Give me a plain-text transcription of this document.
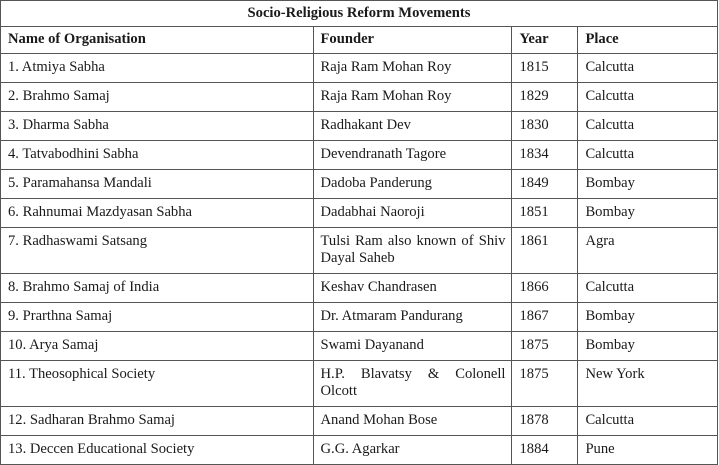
Socio-Religious Reform Movements			
Name of Organisation	Founder	Year	Place
1. Atmiya Sabha	Raja Ram Mohan Roy	1815	Calcutta
2. Brahmo Samaj	Raja Ram Mohan Roy	1829	Calcutta
3. Dharma Sabha	Radhakant Dev	1830	Calcutta
4. Tatvabodhini Sabha	Devendranath Tagore	1834	Calcutta
5. Paramahansa Mandali	Dadoba Panderung	1849	Bombay
6. Rahnumai Mazdyasan Sabha	Dadabhai Naoroji	1851	Bombay
7. Radhaswami Satsang	Tulsi Ram also known of Shiv Dayal Saheb	1861	Agra
8. Brahmo Samaj of India	Keshav Chandrasen	1866	Calcutta
9. Prarthna Samaj	Dr. Atmaram Pandurang	1867	Bombay
10. Arya Samaj	Swami Dayanand	1875	Bombay
11. Theosophical Society	H.P. Blavatsy & Colonell Olcott	1875	New York
12. Sadharan Brahmo Samaj	Anand Mohan Bose	1878	Calcutta
13. Deccen Educational Society	G.G. Agarkar	1884	Pune
